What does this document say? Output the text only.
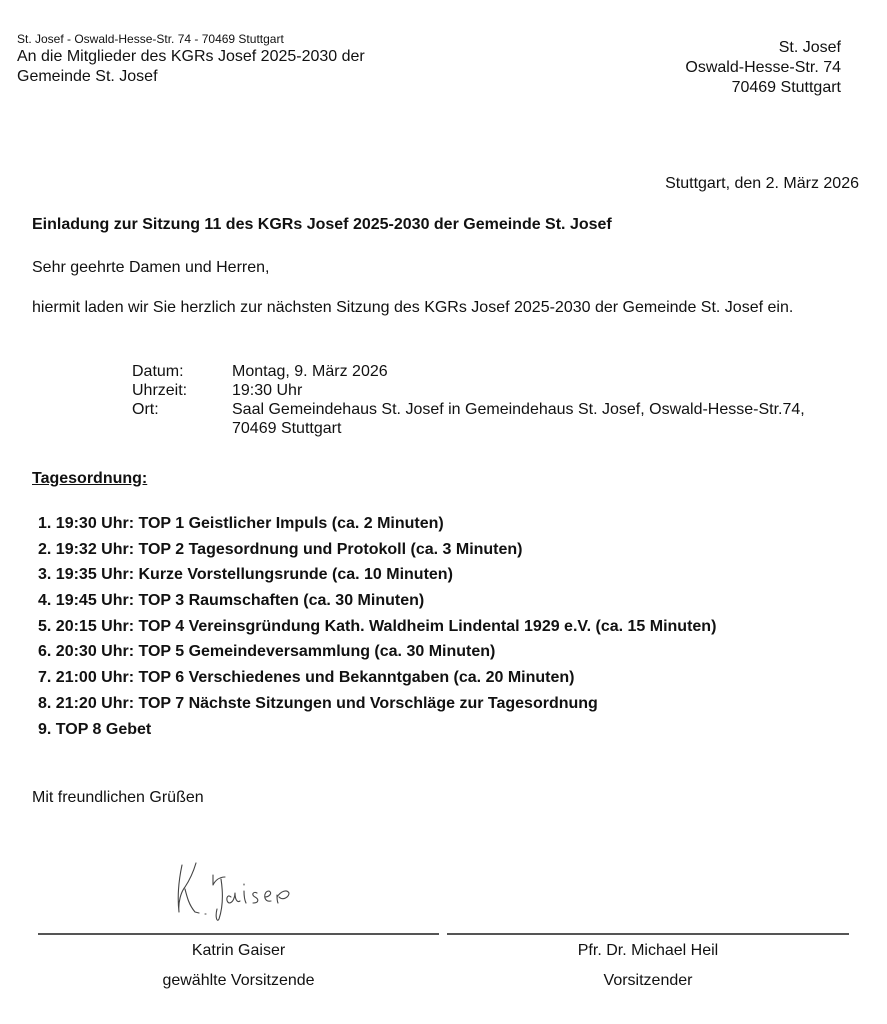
St. Josef - Oswald-Hesse-Str. 74 - 70469 Stuttgart
An die Mitglieder des KGRs Josef 2025-2030 der
Gemeinde St. Josef
St. Josef
Oswald-Hesse-Str. 74
70469 Stuttgart
Stuttgart, den 2. März 2026
Einladung zur Sitzung 11 des KGRs Josef 2025-2030 der Gemeinde St. Josef
Sehr geehrte Damen und Herren,
hiermit laden wir Sie herzlich zur nächsten Sitzung des KGRs Josef 2025-2030 der Gemeinde St. Josef ein.
Datum:	Montag, 9. März 2026
Uhrzeit:	19:30 Uhr
Ort:	Saal Gemeindehaus St. Josef in Gemeindehaus St. Josef, Oswald-Hesse-Str.74, 70469 Stuttgart
Tagesordnung:
1. 19:30 Uhr: TOP 1 Geistlicher Impuls (ca. 2 Minuten)
2. 19:32 Uhr: TOP 2 Tagesordnung und Protokoll (ca. 3 Minuten)
3. 19:35 Uhr: Kurze Vorstellungsrunde (ca. 10 Minuten)
4. 19:45 Uhr: TOP 3 Raumschaften (ca. 30 Minuten)
5. 20:15 Uhr: TOP 4 Vereinsgründung Kath. Waldheim Lindental 1929 e.V. (ca. 15 Minuten)
6. 20:30 Uhr: TOP 5 Gemeindeversammlung (ca. 30 Minuten)
7. 21:00 Uhr: TOP 6 Verschiedenes und Bekanntgaben (ca. 20 Minuten)
8. 21:20 Uhr: TOP 7 Nächste Sitzungen und Vorschläge zur Tagesordnung
9. TOP 8 Gebet
Mit freundlichen Grüßen
Katrin Gaiser
gewählte Vorsitzende
Pfr. Dr. Michael Heil
Vorsitzender
